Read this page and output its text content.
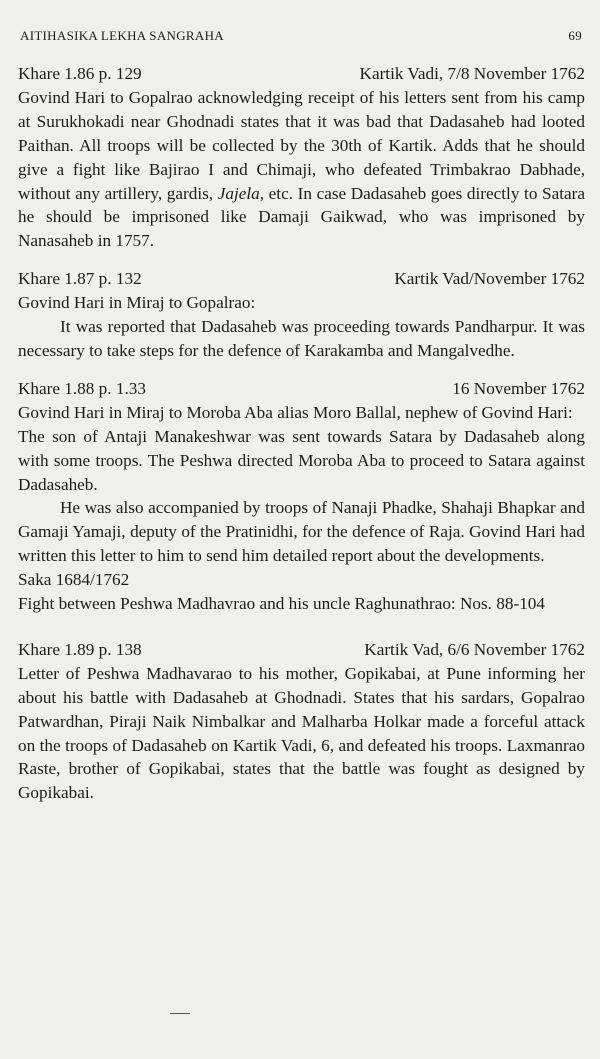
AITIHASIKA LEKHA SANGRAHA	69
Khare 1.86 p. 129	Kartik Vadi, 7/8 November 1762

Govind Hari to Gopalrao acknowledging receipt of his letters sent from his camp at Surukhokadi near Ghodnadi states that it was bad that Dadasaheb had looted Paithan. All troops will be collected by the 30th of Kartik. Adds that he should give a fight like Bajirao I and Chimaji, who defeated Trimbakrao Dabhade, without any artillery, gardis, Jajela, etc. In case Dadasaheb goes directly to Satara he should be imprisoned like Damaji Gaikwad, who was imprisoned by Nanasaheb in 1757.

Khare 1.87 p. 132	Kartik Vad/November 1762

Govind Hari in Miraj to Gopalrao:

It was reported that Dadasaheb was proceeding towards Pandharpur. It was necessary to take steps for the defence of Karakamba and Mangalvedhe.

Khare 1.88 p. 1.33	16 November 1762

Govind Hari in Miraj to Moroba Aba alias Moro Ballal, nephew of Govind Hari:

The son of Antaji Manakeshwar was sent towards Satara by Dadasaheb along with some troops. The Peshwa directed Moroba Aba to proceed to Satara against Dadasaheb.

He was also accompanied by troops of Nanaji Phadke, Shahaji Bhapkar and Gamaji Yamaji, deputy of the Pratinidhi, for the defence of Raja. Govind Hari had written this letter to him to send him detailed report about the developments.

Saka 1684/1762

Fight between Peshwa Madhavrao and his uncle Raghunathrao: Nos. 88-104

Khare 1.89 p. 138	Kartik Vad, 6/6 November 1762

Letter of Peshwa Madhavarao to his mother, Gopikabai, at Pune informing her about his battle with Dadasaheb at Ghodnadi. States that his sardars, Gopalrao Patwardhan, Piraji Naik Nimbalkar and Malharba Holkar made a forceful attack on the troops of Dadasaheb on Kartik Vadi, 6, and defeated his troops. Laxmanrao Raste, brother of Gopikabai, states that the battle was fought as designed by Gopikabai.
